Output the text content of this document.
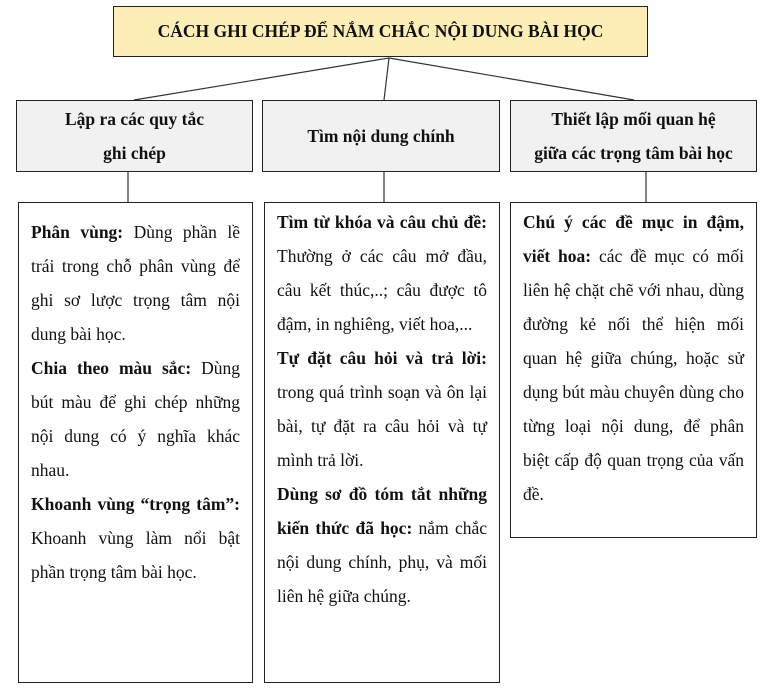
CÁCH GHI CHÉP ĐỂ NẮM CHẮC NỘI DUNG BÀI HỌC
Lập ra các quy tắc
ghi chép
Tìm nội dung chính
Thiết lập mối quan hệ
giữa các trọng tâm bài học

Phân vùng: Dùng phần lề trái trong chỗ phân vùng để ghi sơ lược trọng tâm nội dung bài học.

Chia theo màu sắc: Dùng bút màu để ghi chép những nội dung có ý nghĩa khác nhau.

Khoanh vùng “trọng tâm”: Khoanh vùng làm nổi bật phần trọng tâm bài học.

Tìm từ khóa và câu chủ đề: Thường ở các câu mở đầu, câu kết thúc,..; câu được tô đậm, in nghiêng, viết hoa,...

Tự đặt câu hỏi và trả lời: trong quá trình soạn và ôn lại bài, tự đặt ra câu hỏi và tự mình trả lời.

Dùng sơ đồ tóm tắt những kiến thức đã học: nắm chắc nội dung chính, phụ, và mối liên hệ giữa chúng.

Chú ý các đề mục in đậm, viết hoa: các đề mục có mối liên hệ chặt chẽ với nhau, dùng đường kẻ nối thể hiện mối quan hệ giữa chúng, hoặc sử dụng bút màu chuyên dùng cho từng loại nội dung, để phân biệt cấp độ quan trọng của vấn đề.
